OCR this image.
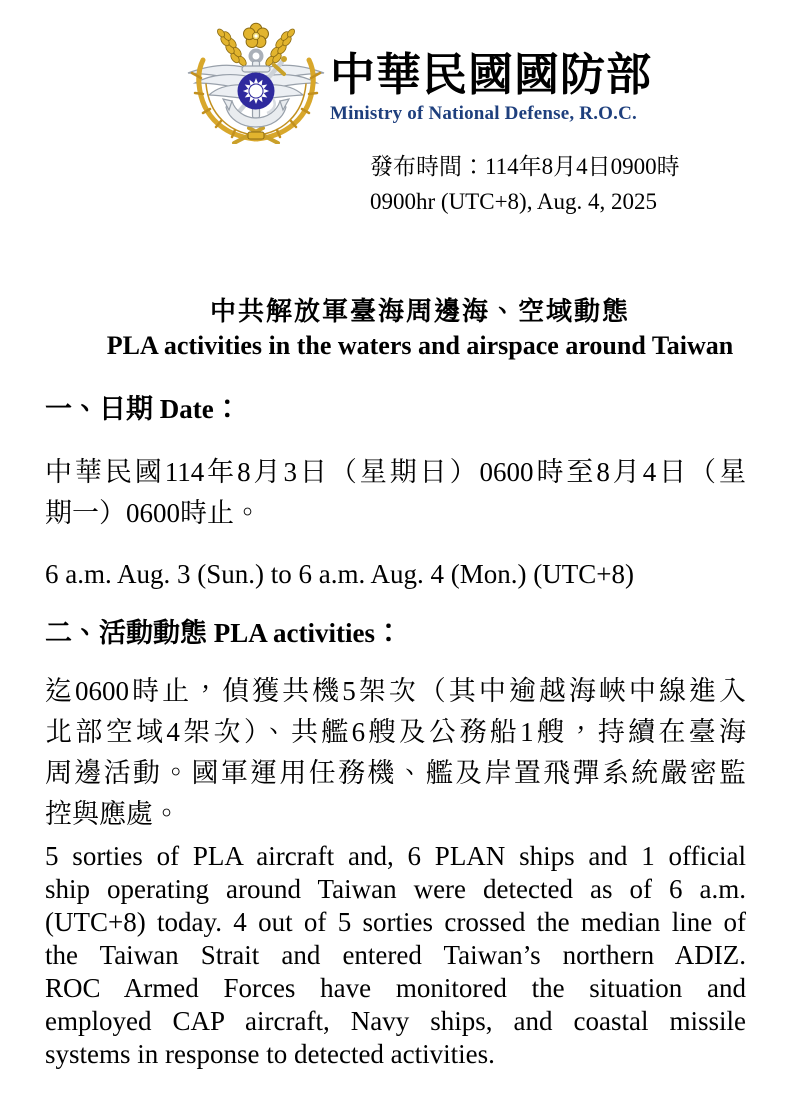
中華民國國防部
Ministry of National Defense, R.O.C.
發布時間：114年8月4日0900時
0900hr (UTC+8), Aug. 4, 2025
中共解放軍臺海周邊海、空域動態
PLA activities in the waters and airspace around Taiwan
一、日期 Date：
中華民國114年8月3日（星期日）0600時至8月4日（星
期一）0600時止。
6 a.m. Aug. 3 (Sun.) to 6 a.m. Aug. 4 (Mon.) (UTC+8)
二、活動動態 PLA activities：
迄0600時止，偵獲共機5架次（其中逾越海峽中線進入
北部空域4架次）、共艦6艘及公務船1艘，持續在臺海
周邊活動。國軍運用任務機、艦及岸置飛彈系統嚴密監
控與應處。
5 sorties of PLA aircraft and, 6 PLAN ships and 1 official
ship operating around Taiwan were detected as of 6 a.m.
(UTC+8) today. 4 out of 5 sorties crossed the median line of
the Taiwan Strait and entered Taiwan’s northern ADIZ.
ROC Armed Forces have monitored the situation and
employed CAP aircraft, Navy ships, and coastal missile
systems in response to detected activities.
